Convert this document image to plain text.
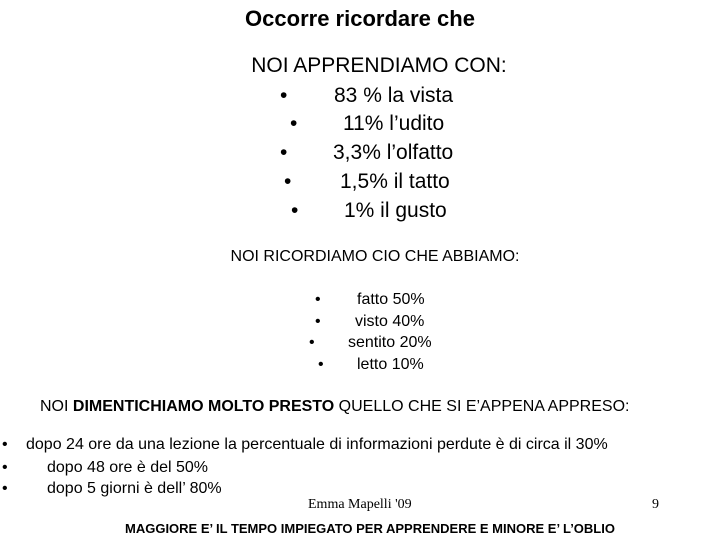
Occorre ricordare che
NOI APPRENDIAMO CON:
• 83 % la vista
• 11% l’udito
• 3,3% l’olfatto
• 1,5% il tatto
• 1% il gusto
NOI RICORDIAMO CIO CHE ABBIAMO:
• fatto 50%
• visto 40%
• sentito 20%
• letto 10%
NOI DIMENTICHIAMO MOLTO PRESTO QUELLO CHE SI E’APPENA APPRESO:
• dopo 24 ore da una lezione la percentuale di informazioni perdute è di circa il 30%
• dopo 48 ore è del 50%
• dopo 5 giorni è dell’ 80%
Emma Mapelli '09	9
MAGGIORE E’ IL TEMPO IMPIEGATO PER APPRENDERE E MINORE E’ L’OBLIO
